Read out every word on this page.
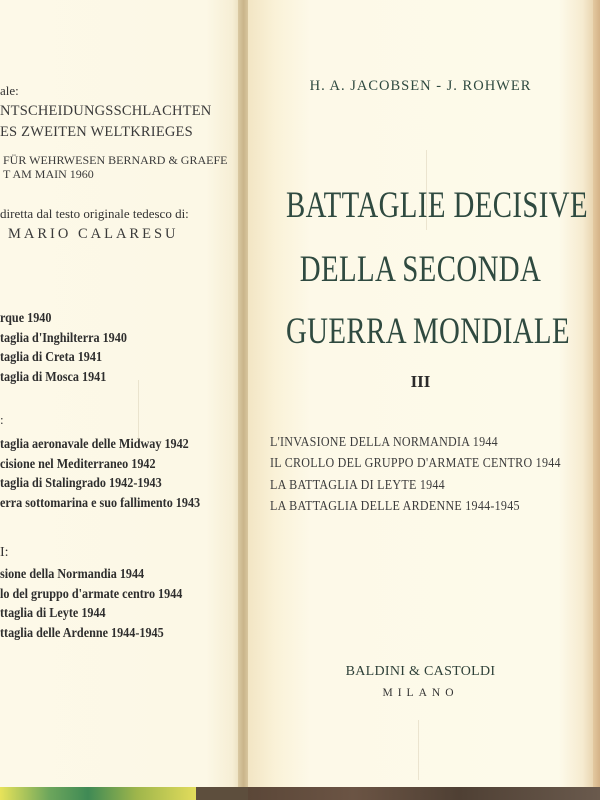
ale:
NTSCHEIDUNGSSCHLACHTEN
ES ZWEITEN WELTKRIEGES
FÜR WEHRWESEN BERNARD & GRAEFE
T AM MAIN 1960
diretta dal testo originale tedesco di:
MARIO CALARESU
rque 1940
taglia d'Inghilterra 1940
taglia di Creta 1941
taglia di Mosca 1941
:
taglia aeronavale delle Midway 1942
cisione nel Mediterraneo 1942
taglia di Stalingrado 1942-1943
erra sottomarina e suo fallimento 1943
I:
sione della Normandia 1944
lo del gruppo d'armate centro 1944
ttaglia di Leyte 1944
ttaglia delle Ardenne 1944-1945
H. A. JACOBSEN - J. ROHWER
BATTAGLIE DECISIVE
DELLA SECONDA
GUERRA MONDIALE
III
L'INVASIONE DELLA NORMANDIA 1944
IL CROLLO DEL GRUPPO D'ARMATE CENTRO 1944
LA BATTAGLIA DI LEYTE 1944
LA BATTAGLIA DELLE ARDENNE 1944-1945
BALDINI & CASTOLDI
MILANO
